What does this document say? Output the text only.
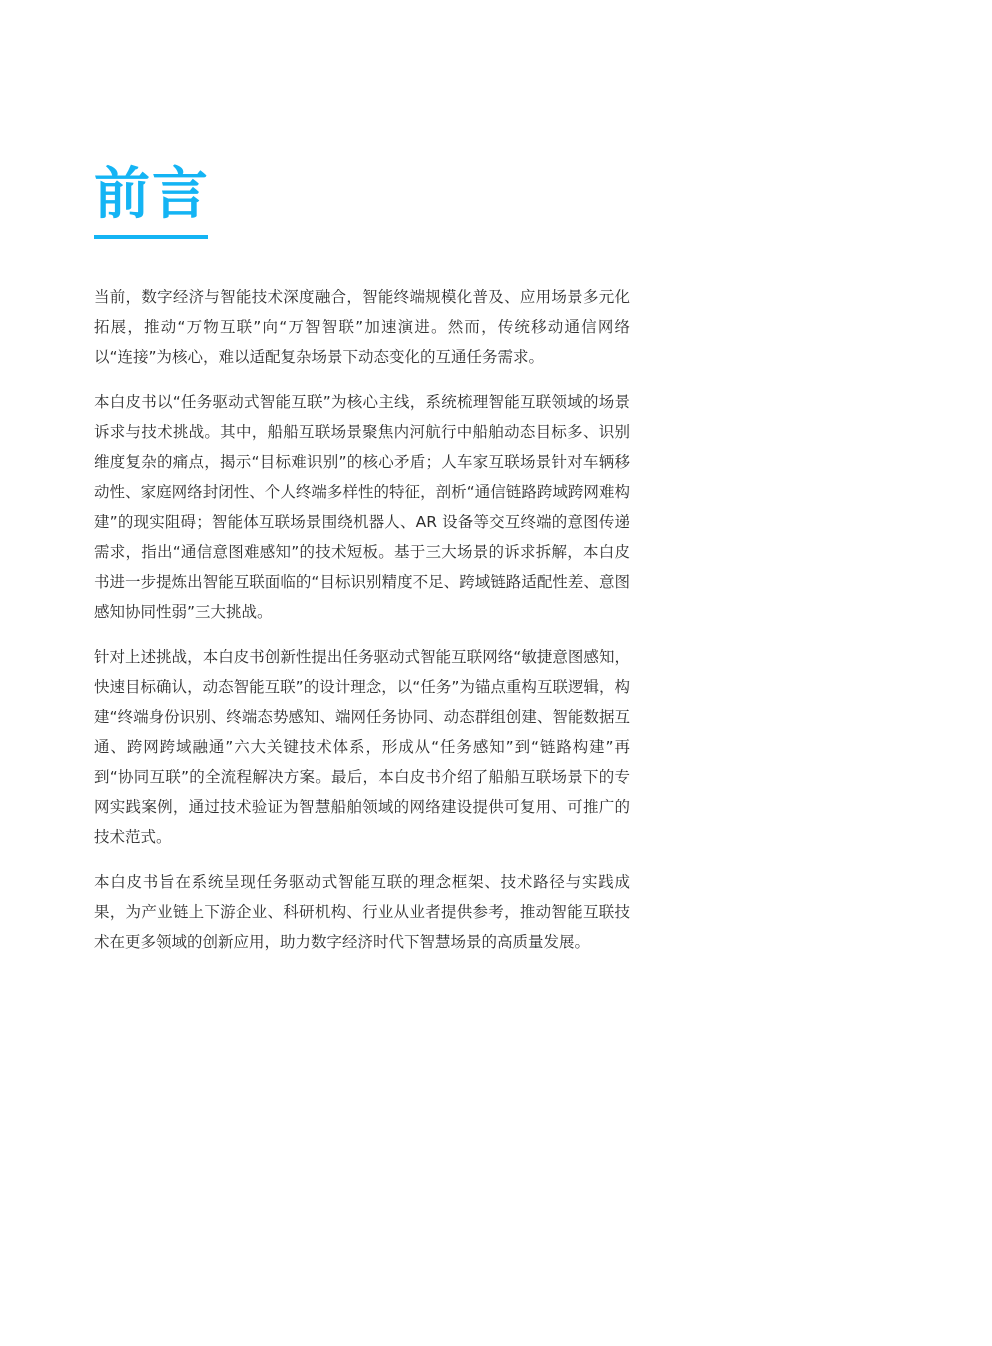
前言

当前，数字经济与智能技术深度融合，智能终端规模化普及、应用场景多元化拓展，推动“万物互联”向“万智智联”加速演进。然而，传统移动通信网络以“连接”为核心，难以适配复杂场景下动态变化的互通任务需求。

本白皮书以“任务驱动式智能互联”为核心主线，系统梳理智能互联领域的场景诉求与技术挑战。其中，船船互联场景聚焦内河航行中船舶动态目标多、识别维度复杂的痛点，揭示“目标难识别”的核心矛盾；人车家互联场景针对车辆移动性、家庭网络封闭性、个人终端多样性的特征，剖析“通信链路跨域跨网难构建”的现实阻碍；智能体互联场景围绕机器人、AR 设备等交互终端的意图传递需求，指出“通信意图难感知”的技术短板。基于三大场景的诉求拆解，本白皮书进一步提炼出智能互联面临的“目标识别精度不足、跨域链路适配性差、意图感知协同性弱”三大挑战。

针对上述挑战，本白皮书创新性提出任务驱动式智能互联网络“敏捷意图感知，快速目标确认，动态智能互联”的设计理念，以“任务”为锚点重构互联逻辑，构建“终端身份识别、终端态势感知、端网任务协同、动态群组创建、智能数据互通、跨网跨域融通”六大关键技术体系，形成从“任务感知”到“链路构建”再到“协同互联”的全流程解决方案。最后，本白皮书介绍了船船互联场景下的专网实践案例，通过技术验证为智慧船舶领域的网络建设提供可复用、可推广的技术范式。

本白皮书旨在系统呈现任务驱动式智能互联的理念框架、技术路径与实践成果，为产业链上下游企业、科研机构、行业从业者提供参考，推动智能互联技术在更多领域的创新应用，助力数字经济时代下智慧场景的高质量发展。
